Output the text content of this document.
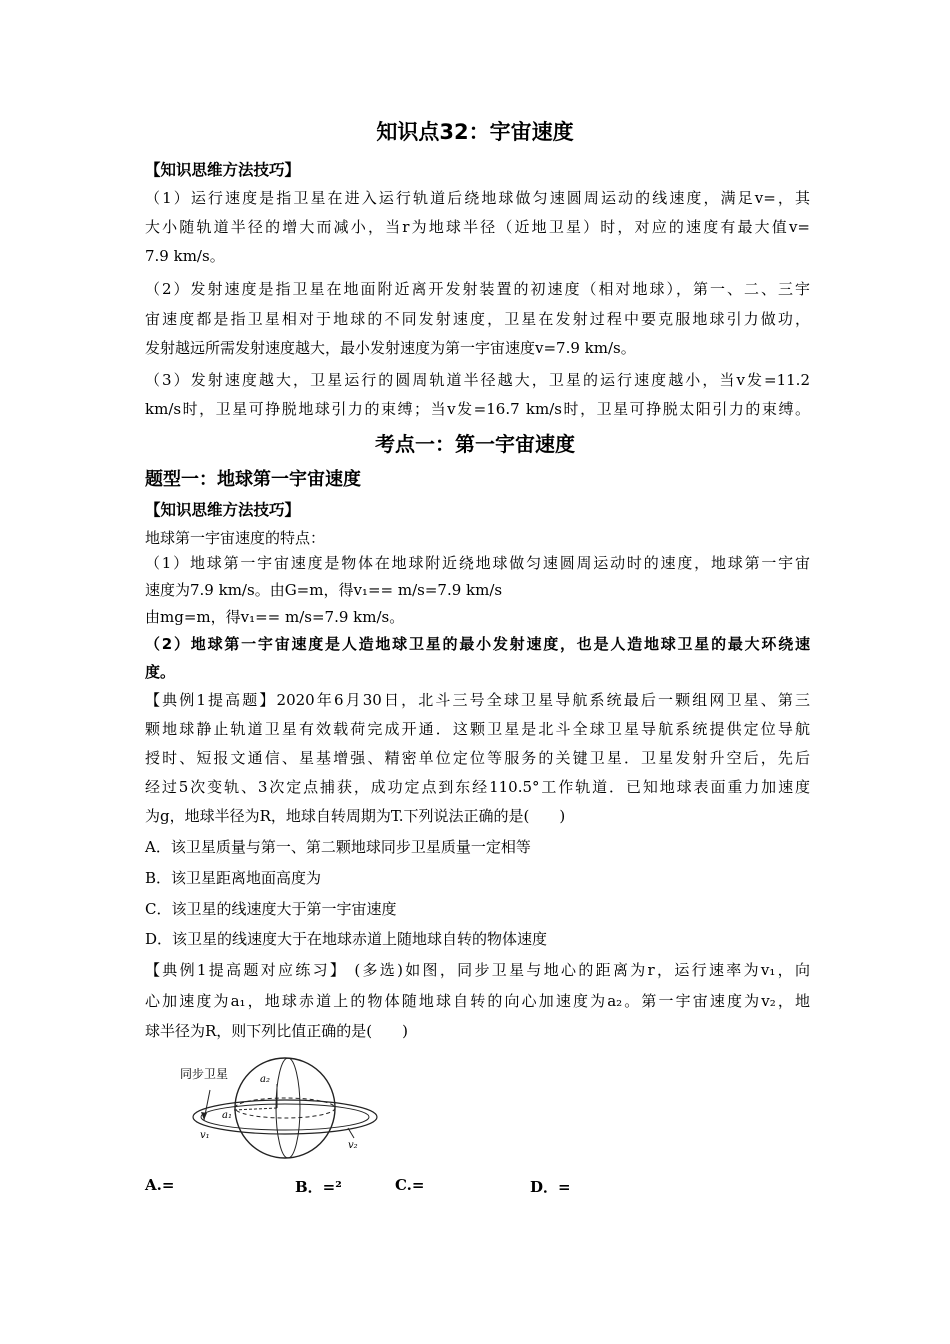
知识点32：宇宙速度
【知识思维方法技巧】
（1）运行速度是指卫星在进入运行轨道后绕地球做匀速圆周运动的线速度，满足v=，其
大小随轨道半径的增大而减小，当r为地球半径（近地卫星）时，对应的速度有最大值v=
7.9 km/s。
（2）发射速度是指卫星在地面附近离开发射装置的初速度（相对地球），第一、二、三宇
宙速度都是指卫星相对于地球的不同发射速度，卫星在发射过程中要克服地球引力做功，
发射越远所需发射速度越大，最小发射速度为第一宇宙速度v=7.9 km/s。
（3）发射速度越大，卫星运行的圆周轨道半径越大，卫星的运行速度越小，当v发=11.2
km/s时，卫星可挣脱地球引力的束缚；当v发=16.7 km/s时，卫星可挣脱太阳引力的束缚。
考点一：第一宇宙速度
题型一：地球第一宇宙速度
【知识思维方法技巧】
地球第一宇宙速度的特点：
（1）地球第一宇宙速度是物体在地球附近绕地球做匀速圆周运动时的速度，地球第一宇宙
速度为7.9 km/s。由G=m，得v₁== m/s=7.9 km/s
由mg=m，得v₁== m/s=7.9 km/s。
（2）地球第一宇宙速度是人造地球卫星的最小发射速度，也是人造地球卫星的最大环绕速
度。
【典例1提高题】2020年6月30日，北斗三号全球卫星导航系统最后一颗组网卫星、第三
颗地球静止轨道卫星有效载荷完成开通．这颗卫星是北斗全球卫星导航系统提供定位导航
授时、短报文通信、星基增强、精密单位定位等服务的关键卫星．卫星发射升空后，先后
经过5次变轨、3次定点捕获，成功定点到东经110.5°工作轨道．已知地球表面重力加速度
为g，地球半径为R，地球自转周期为T.下列说法正确的是(　　)
A．该卫星质量与第一、第二颗地球同步卫星质量一定相等
B．该卫星距离地面高度为
C．该卫星的线速度大于第一宇宙速度
D．该卫星的线速度大于在地球赤道上随地球自转的物体速度
【典例1提高题对应练习】 (多选)如图，同步卫星与地心的距离为r，运行速率为v₁，向
心加速度为a₁，地球赤道上的物体随地球自转的向心加速度为a₂。第一宇宙速度为v₂，地
球半径为R，则下列比值正确的是(　　)
同步卫星
a₁
a₂
v₁
v₂
A.=	B．=²	C.=	D．=
